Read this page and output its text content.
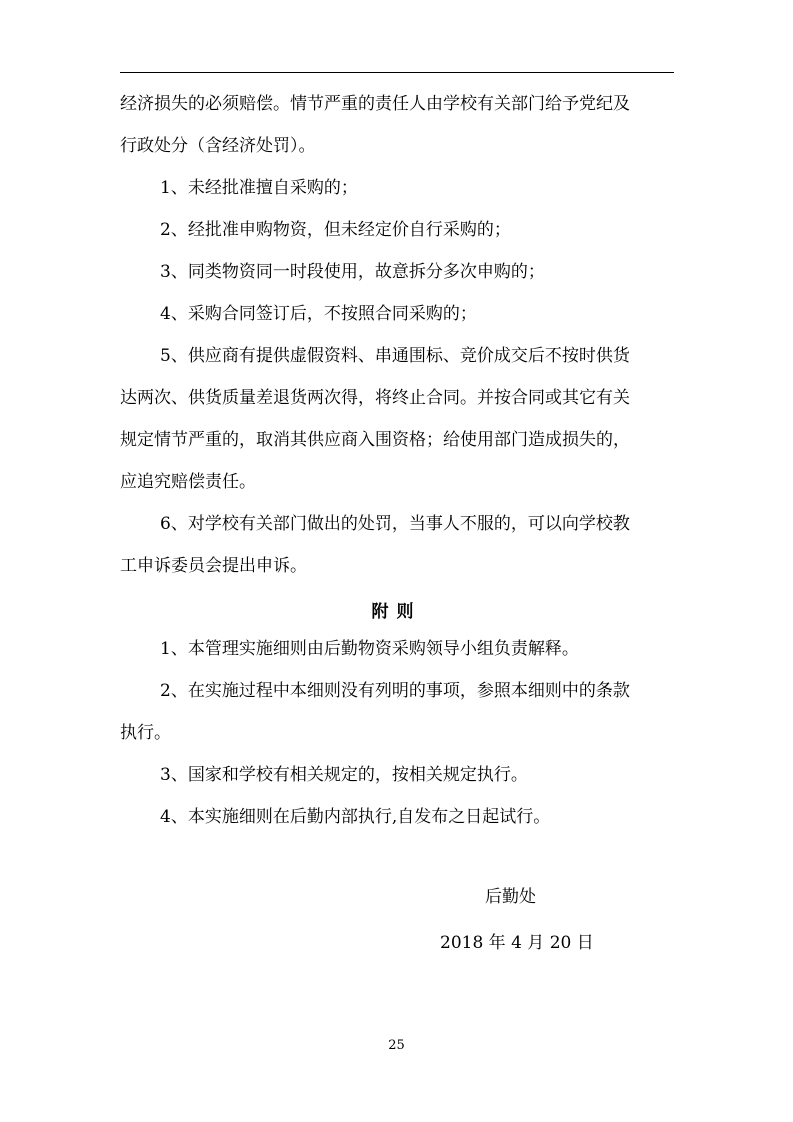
经济损失的必须赔偿。情节严重的责任人由学校有关部门给予党纪及
行政处分（含经济处罚）。
1、未经批准擅自采购的；
2、经批准申购物资，但未经定价自行采购的；
3、同类物资同一时段使用，故意拆分多次申购的；
4、采购合同签订后，不按照合同采购的；
5、供应商有提供虚假资料、串通围标、竞价成交后不按时供货
达两次、供货质量差退货两次得，将终止合同。并按合同或其它有关
规定情节严重的，取消其供应商入围资格；给使用部门造成损失的，
应追究赔偿责任。
6、对学校有关部门做出的处罚，当事人不服的，可以向学校教
工申诉委员会提出申诉。
附则
1、本管理实施细则由后勤物资采购领导小组负责解释。
2、在实施过程中本细则没有列明的事项，参照本细则中的条款
执行。
3、国家和学校有相关规定的，按相关规定执行。
4、本实施细则在后勤内部执行,自发布之日起试行。
后勤处
2018 年 4 月 20 日
25
